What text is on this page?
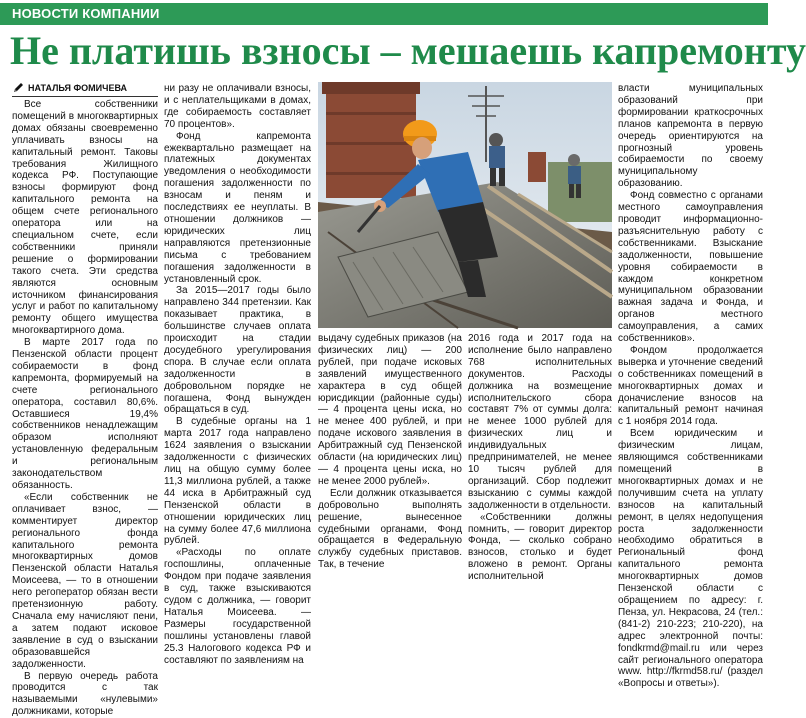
НОВОСТИ КОМПАНИИ
Не платишь взносы – мешаешь капремонту
НАТАЛЬЯ ФОМИЧЕВА

Все собственники помещений в многоквартирных домах обязаны своевременно уплачивать взносы на капитальный ремонт. Таковы требования Жилищного кодекса РФ. Поступающие взносы формируют фонд капитального ремонта на общем счете регионального оператора или на специальном счете, если собственники приняли решение о формировании такого счета. Эти средства являются основным источником финансирования услуг и работ по капитальному ремонту общего имущества многоквартирного дома.

В марте 2017 года по Пензенской области процент собираемости в фонд капремонта, формируемый на счете регионального оператора, составил 80,6%. Оставшиеся 19,4% собственников ненадлежащим образом исполняют установленную федеральным и региональным законодательством обязанность.

«Если собственник не оплачивает взнос, — комментирует директор регионального фонда капитального ремонта многоквартирных домов Пензенской области Наталья Моисеева, — то в отношении него регоператор обязан вести претензионную работу. Сначала ему начисляют пени, а затем подают исковое заявление в суд о взыскании образовавшейся задолженности.

В первую очередь работа проводится с так называемыми «нулевыми» должниками, которые

ни разу не оплачивали взносы, и с неплательщиками в домах, где собираемость составляет 70 процентов».

Фонд капремонта ежеквартально размещает на платежных документах уведомления о необходимости погашения задолженности по взносам и пеням и последствиях ее неуплаты. В отношении должников — юридических лиц направляются претензионные письма с требованием погашения задолженности в установленный срок.

За 2015—2017 годы было направлено 344 претензии. Как показывает практика, в большинстве случаев оплата происходит на стадии досудебного урегулирования спора. В случае если оплата задолженности в добровольном порядке не погашена, Фонд вынужден обращаться в суд.

В судебные органы на 1 марта 2017 года направлено 1624 заявления о взыскании задолженности с физических лиц на общую сумму более 11,3 миллиона рублей, а также 44 иска в Арбитражный суд Пензенской области в отношении юридических лиц на сумму более 47,6 миллиона рублей.

«Расходы по оплате госпошлины, оплаченные Фондом при подаче заявления в суд, также взыскиваются судом с должника, — говорит Наталья Моисеева. — Размеры государственной пошлины установлены главой 25.3 Налогового кодекса РФ и составляют по заявлениям на

выдачу судебных приказов (на физических лиц) — 200 рублей, при подаче исковых заявлений имущественного характера в суд общей юрисдикции (районные суды) — 4 процента цены иска, но не менее 400 рублей, и при подаче искового заявления в Арбитражный суд Пензенской области (на юридических лиц) — 4 процента цены иска, но не менее 2000 рублей».

Если должник отказывается добровольно выполнять решение, вынесенное судебными органами, Фонд обращается в Федеральную службу судебных приставов. Так, в течение

2016 года и 2017 года на исполнение было направлено 768 исполнительных документов. Расходы должника на возмещение исполнительского сбора составят 7% от суммы долга: не менее 1000 рублей для физических лиц и индивидуальных предпринимателей, не менее 10 тысяч рублей для организаций. Сбор подлежит взысканию с суммы каждой задолженности в отдельности.

«Собственники должны помнить, — говорит директор Фонда, — сколько собрано взносов, столько и будет вложено в ремонт. Органы исполнительной

власти муниципальных образований при формировании краткосрочных планов капремонта в первую очередь ориентируются на прогнозный уровень собираемости по своему муниципальному образованию.

Фонд совместно с органами местного самоуправления проводит информационно-разъяснительную работу с собственниками. Взыскание задолженности, повышение уровня собираемости в каждом конкретном муниципальном образовании важная задача и Фонда, и органов местного самоуправления, а самих собственников».

Фондом продолжается выверка и уточнение сведений о собственниках помещений в многоквартирных домах и доначисление взносов на капитальный ремонт начиная с 1 ноября 2014 года.

Всем юридическим и физическим лицам, являющимся собственниками помещений в многоквартирных домах и не получившим счета на уплату взносов на капитальный ремонт, в целях недопущения роста задолженности необходимо обратиться в Региональный фонд капитального ремонта многоквартирных домов Пензенской области с обращением по адресу: г. Пенза, ул. Некрасова, 24 (тел.: (841-2) 210-223; 210-220), на адрес электронной почты: fondkrmd@mail.ru или через сайт регионального оператора www. http://fkrmd58.ru/ (раздел «Вопросы и ответы»).
